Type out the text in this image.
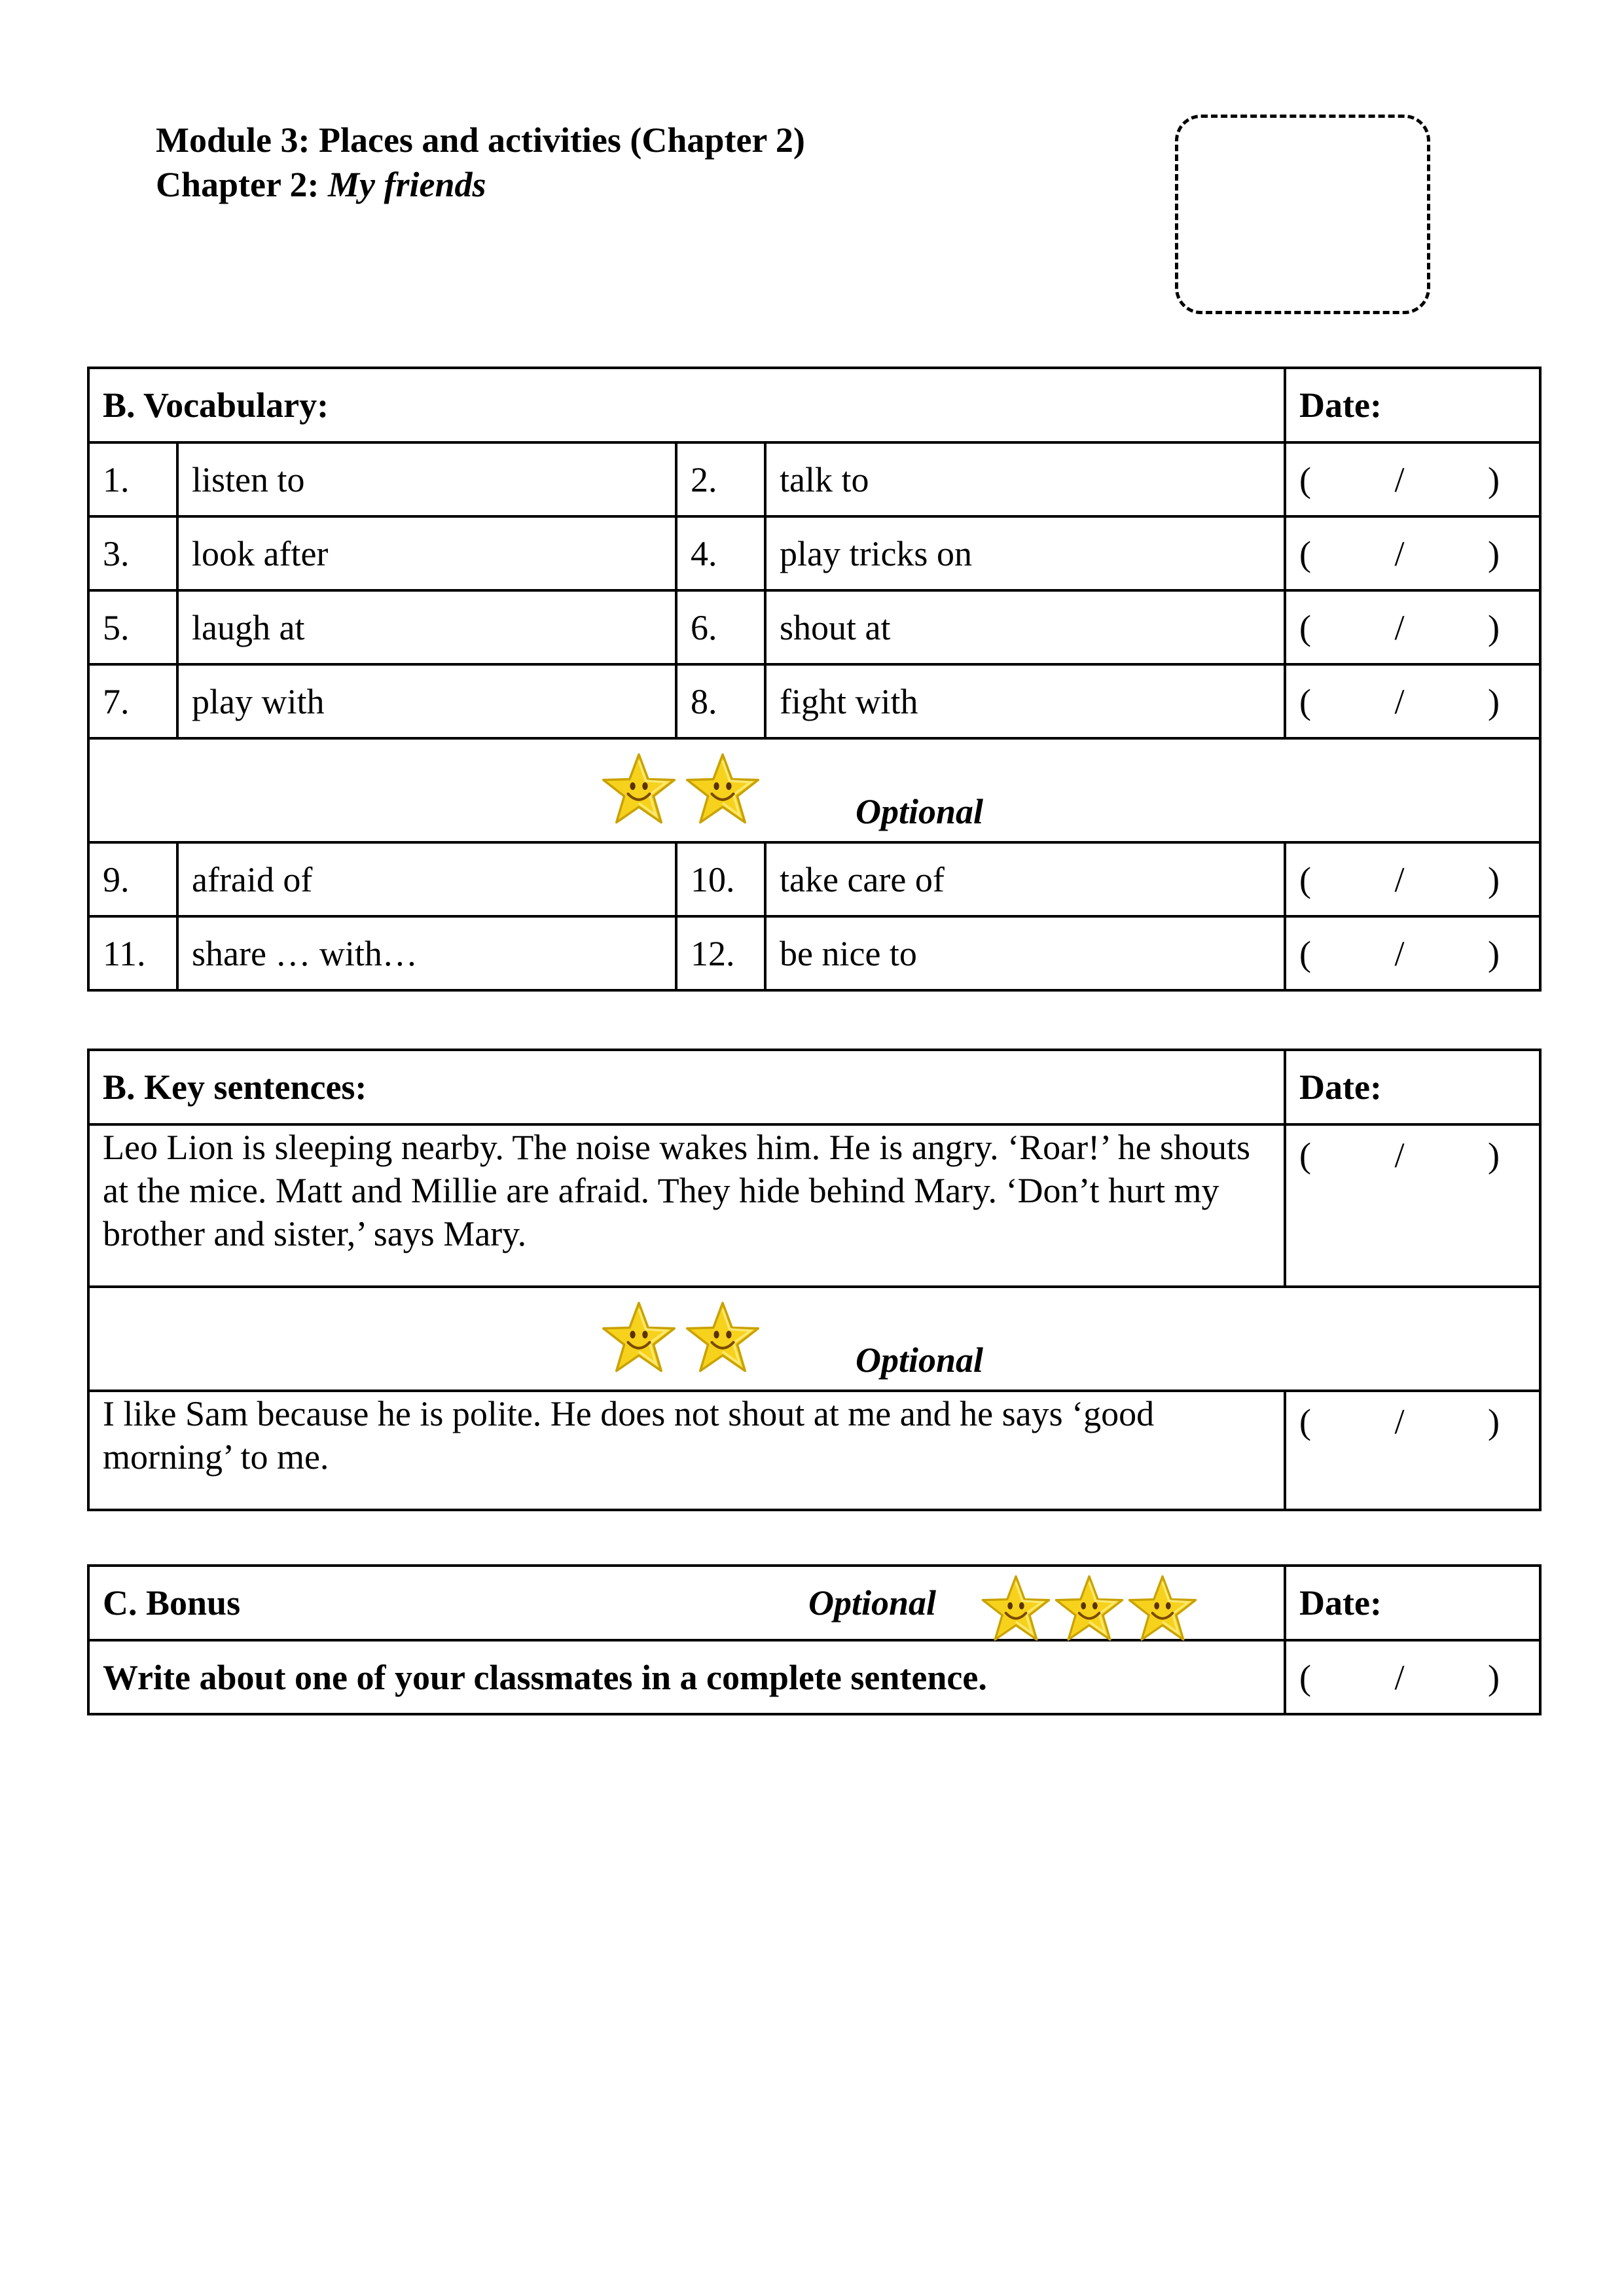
Module 3: Places and activities (Chapter 2)
Chapter 2: My friends
B. Vocabulary:				Date:
1.	listen to	2.	talk to	( / )

3.	look after	4.	play tricks on	( / )

5.	laugh at	6.	shout at	( / )

7.	play with	8.	fight with	( / )

Optional				

9.	afraid of	10.	take care of	( / )

11.	share … with…	12.	be nice to	( / )
B. Key sentences:	Date:
Leo Lion is sleeping nearby. The noise wakes him. He is angry. ‘Roar!’ he shouts at the mice. Matt and Millie are afraid. They hide behind Mary. ‘Don’t hurt my brother and sister,’ says Mary.	( / )

Optional	

I like Sam because he is polite. He does not shout at me and he says ‘good morning’ to me.	( / )
C. Bonus Optional	Date:
Write about one of your classmates in a complete sentence.	( / )
